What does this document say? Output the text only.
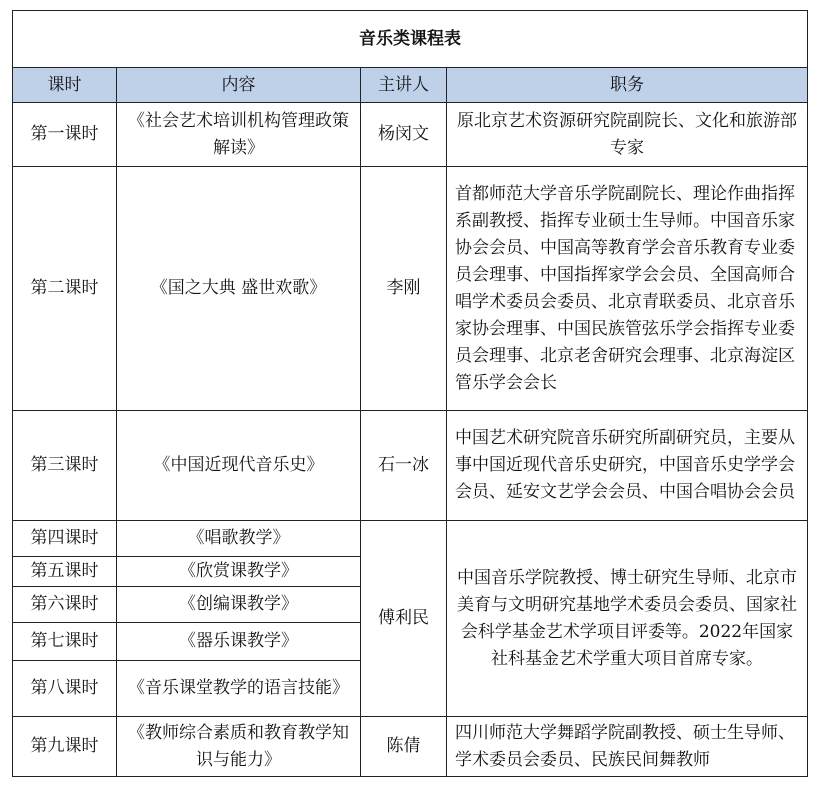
音乐类课程表			
课时	内容	主讲人	职务
第一课时	《社会艺术培训机构管理政策解读》	杨闵文	原北京艺术资源研究院副院长、文化和旅游部专家
第二课时	《国之大典 盛世欢歌》	李刚	首都师范大学音乐学院副院长、理论作曲指挥系副教授、指挥专业硕士生导师。中国音乐家协会会员、中国高等教育学会音乐教育专业委员会理事、中国指挥家学会会员、全国高师合唱学术委员会委员、北京青联委员、北京音乐家协会理事、中国民族管弦乐学会指挥专业委员会理事、北京老舍研究会理事、北京海淀区管乐学会会长
第三课时	《中国近现代音乐史》	石一冰	中国艺术研究院音乐研究所副研究员，主要从事中国近现代音乐史研究，中国音乐史学学会会员、延安文艺学会会员、中国合唱协会会员
第四课时	《唱歌教学》	傅利民	中国音乐学院教授、博士研究生导师、北京市美育与文明研究基地学术委员会委员、国家社会科学基金艺术学项目评委等。2022年国家社科基金艺术学重大项目首席专家。
第五课时	《欣赏课教学》		
第六课时	《创编课教学》		
第七课时	《器乐课教学》		
第八课时	《音乐课堂教学的语言技能》		
第九课时	《教师综合素质和教育教学知识与能力》	陈倩	四川师范大学舞蹈学院副教授、硕士生导师、学术委员会委员、民族民间舞教师
